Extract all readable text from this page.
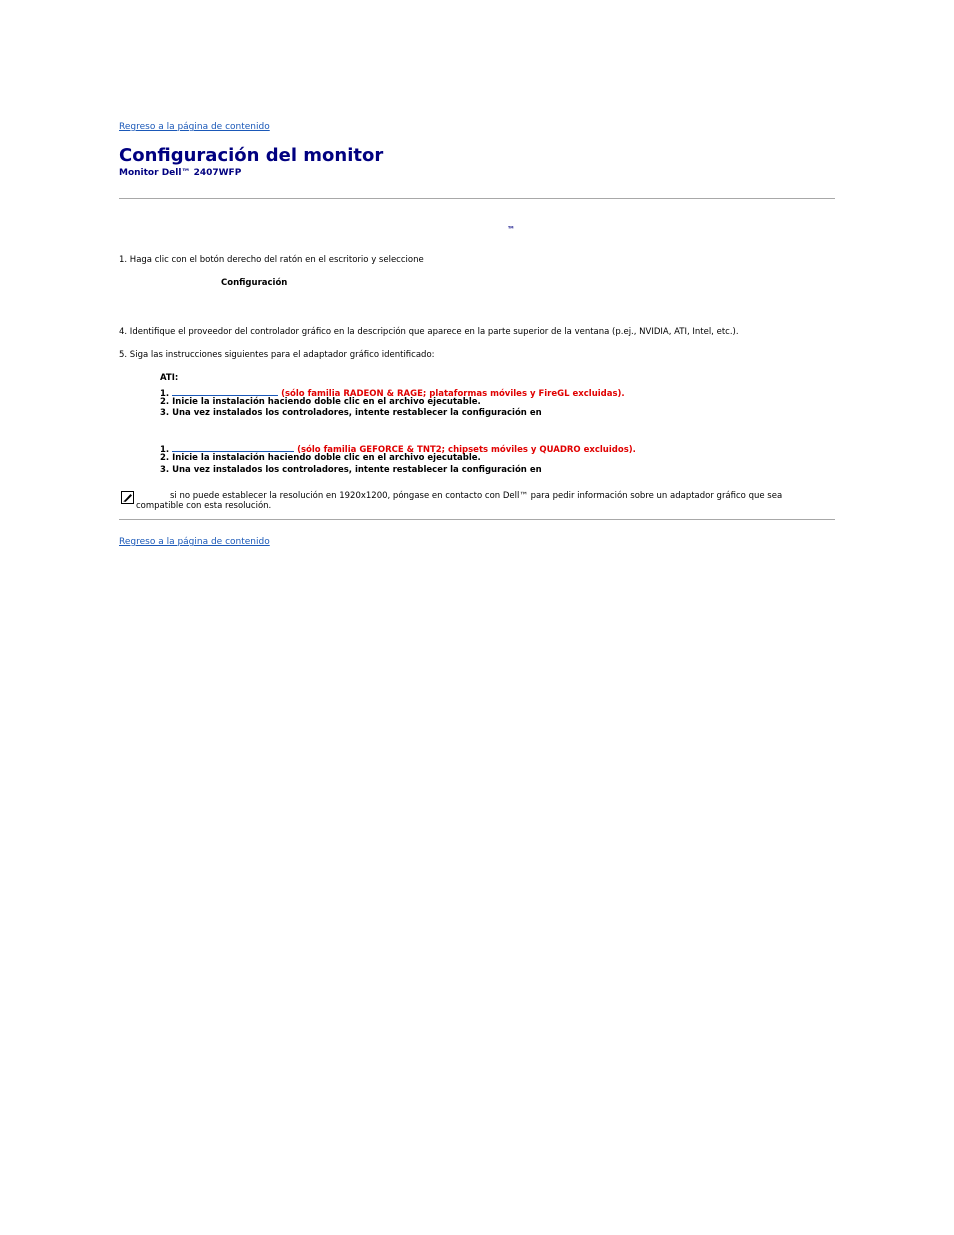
Regreso a la página de contenido
Configuración del monitor
Monitor Dell™ 2407WFP
™
1. Haga clic con el botón derecho del ratón en el escritorio y seleccione
Configuración
4. Identifique el proveedor del controlador gráfico en la descripción que aparece en la parte superior de la ventana (p.ej., NVIDIA, ATI, Intel, etc.).
5. Siga las instrucciones siguientes para el adaptador gráfico identificado:
ATI:
1.	(sólo familia RADEON & RAGE; plataformas móviles y FireGL excluidas).
2. Inicie la instalación haciendo doble clic en el archivo ejecutable.
3. Una vez instalados los controladores, intente restablecer la configuración en
1.	(sólo familia GEFORCE & TNT2; chipsets móviles y QUADRO excluidos).
2. Inicie la instalación haciendo doble clic en el archivo ejecutable.
3. Una vez instalados los controladores, intente restablecer la configuración en
si no puede establecer la resolución en 1920x1200, póngase en contacto con Dell™ para pedir información sobre un adaptador gráfico que sea
compatible con esta resolución.
Regreso a la página de contenido
